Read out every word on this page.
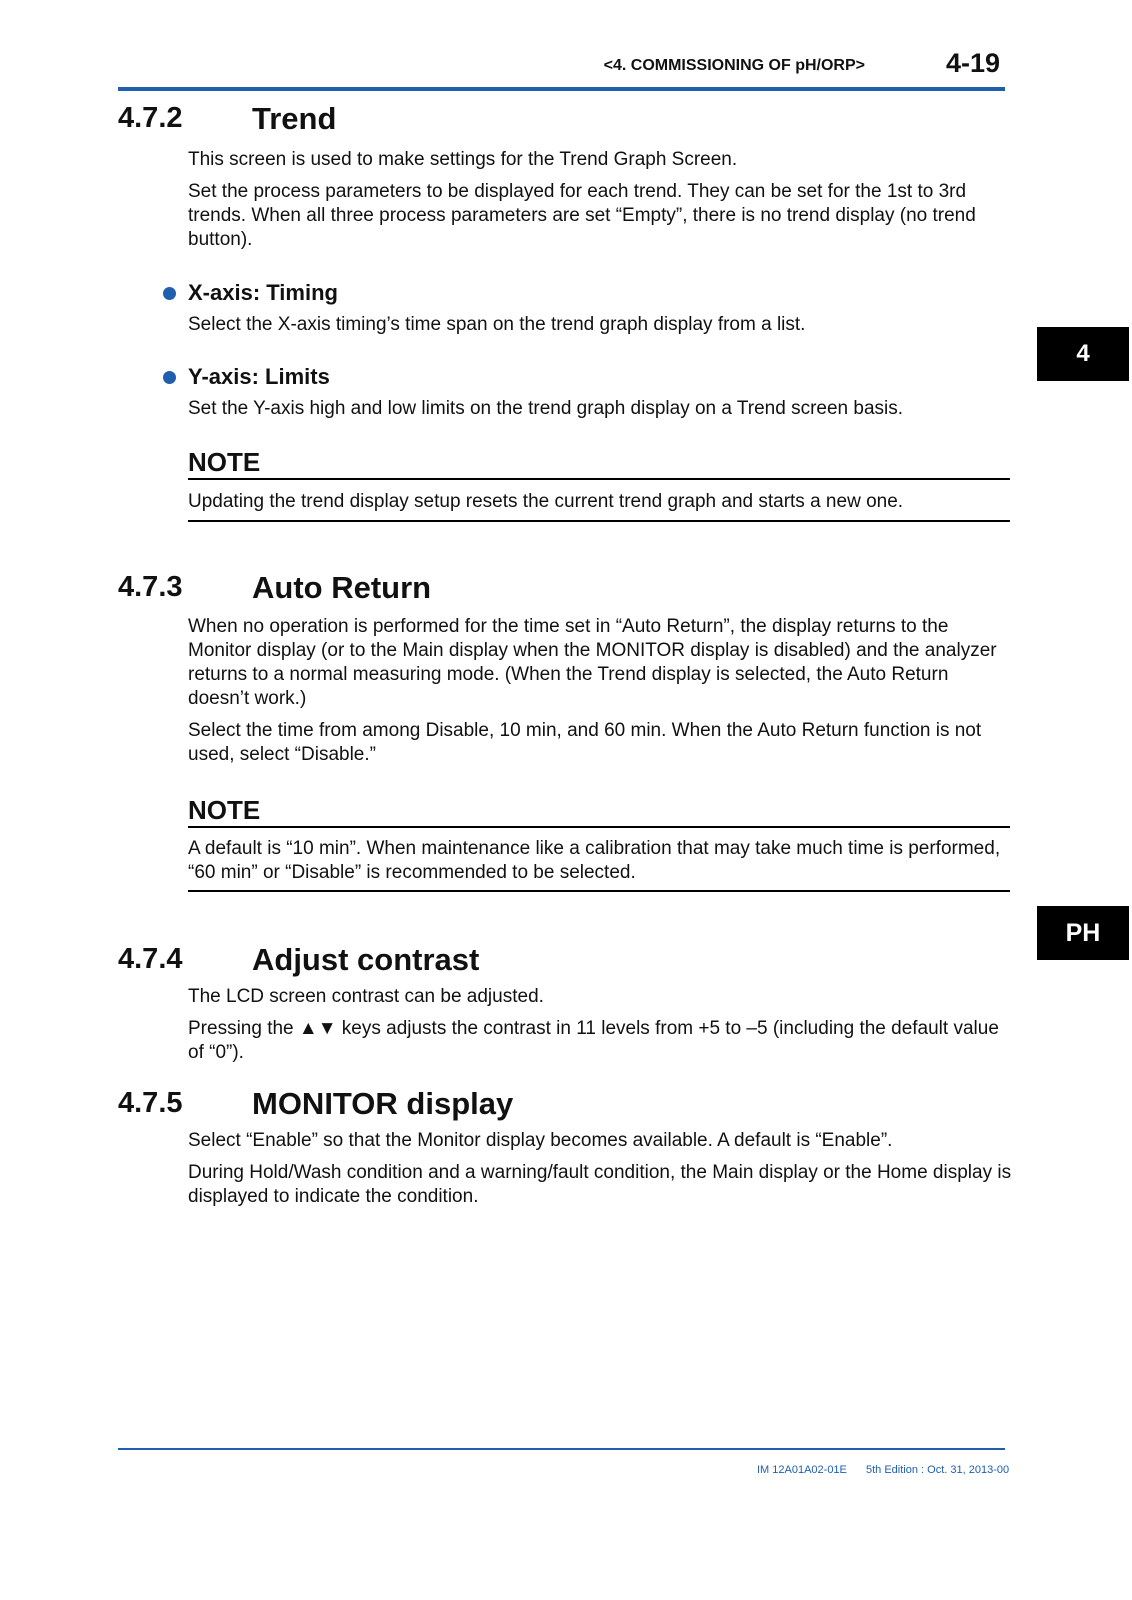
<4. COMMISSIONING OF pH/ORP>	4-19
4
PH
4.7.2 Trend

This screen is used to make settings for the Trend Graph Screen.

Set the process parameters to be displayed for each trend. They can be set for the 1st to 3rd trends. When all three process parameters are set “Empty”, there is no trend display (no trend button).

X-axis: Timing

Select the X-axis timing’s time span on the trend graph display from a list.

Y-axis: Limits

Set the Y-axis high and low limits on the trend graph display on a Trend screen basis.

NOTE

Updating the trend display setup resets the current trend graph and starts a new one.

4.7.3 Auto Return

When no operation is performed for the time set in “Auto Return”, the display returns to the Monitor display (or to the Main display when the MONITOR display is disabled) and the analyzer returns to a normal measuring mode. (When the Trend display is selected, the Auto Return doesn’t work.)

Select the time from among Disable, 10 min, and 60 min. When the Auto Return function is not used, select “Disable.”

NOTE

A default is “10 min”. When maintenance like a calibration that may take much time is performed, “60 min” or “Disable” is recommended to be selected.

4.7.4 Adjust contrast

The LCD screen contrast can be adjusted.

Pressing the ▲▼ keys adjusts the contrast in 11 levels from +5 to –5 (including the default value of “0”).

4.7.5 MONITOR display

Select “Enable” so that the Monitor display becomes available. A default is “Enable”.

During Hold/Wash condition and a warning/fault condition, the Main display or the Home display is displayed to indicate the condition.

IM 12A01A02-01E 5th Edition : Oct. 31, 2013-00
